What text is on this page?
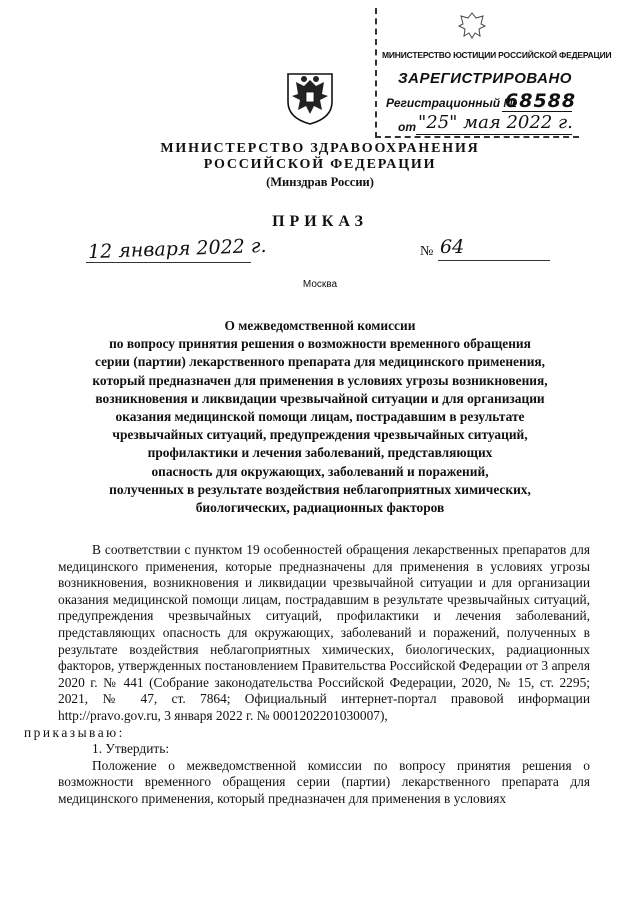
МИНИСТЕРСТВО ЮСТИЦИИ РОССИЙСКОЙ ФЕДЕРАЦИИ
ЗАРЕГИСТРИРОВАНО
Регистрационный №
68588
от "25" мая 2022 г.
МИНИСТЕРСТВО ЗДРАВООХРАНЕНИЯ
РОССИЙСКОЙ ФЕДЕРАЦИИ
(Минздрав России)
ПРИКАЗ
12 января 2022 г.	№ 64
Москва
О межведомственной комиссии
по вопросу принятия решения о возможности временного обращения
серии (партии) лекарственного препарата для медицинского применения,
который предназначен для применения в условиях угрозы возникновения,
возникновения и ликвидации чрезвычайной ситуации и для организации
оказания медицинской помощи лицам, пострадавшим в результате
чрезвычайных ситуаций, предупреждения чрезвычайных ситуаций,
профилактики и лечения заболеваний, представляющих
опасность для окружающих, заболеваний и поражений,
полученных в результате воздействия неблагоприятных химических,
биологических, радиационных факторов

В соответствии с пунктом 19 особенностей обращения лекарственных препаратов для медицинского применения, которые предназначены для применения в условиях угрозы возникновения, возникновения и ликвидации чрезвычайной ситуации и для организации оказания медицинской помощи лицам, пострадавшим в результате чрезвычайных ситуаций, предупреждения чрезвычайных ситуаций, профилактики и лечения заболеваний, представляющих опасность для окружающих, заболеваний и поражений, полученных в результате воздействия неблагоприятных химических, биологических, радиационных факторов, утвержденных постановлением Правительства Российской Федерации от 3 апреля 2020 г. № 441 (Собрание законодательства Российской Федерации, 2020, № 15, ст. 2295; 2021, № 47, ст. 7864; Официальный интернет-портал правовой информации http://pravo.gov.ru, 3 января 2022 г. № 0001202201030007),
приказываю:

1. Утвердить:

Положение о межведомственной комиссии по вопросу принятия решения о возможности временного обращения серии (партии) лекарственного препарата для медицинского применения, который предназначен для применения в условиях
